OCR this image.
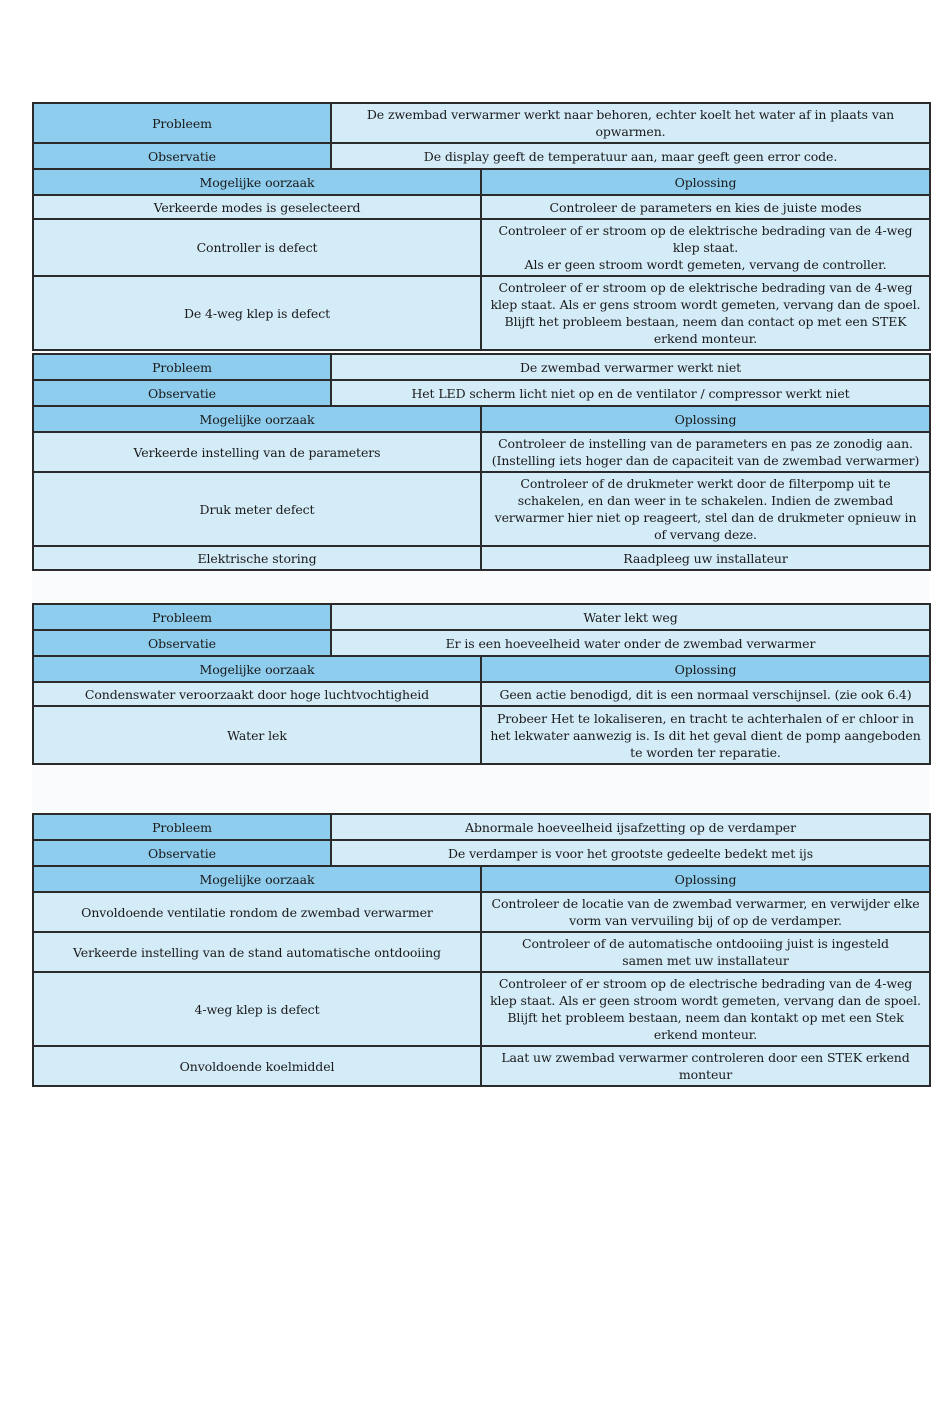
Probleem	De zwembad verwarmer werkt naar behoren, echter koelt het water af in plaats van opwarmen.	
Observatie	De display geeft de temperatuur aan, maar geeft geen error code.	
Mogelijke oorzaak		Oplossing
Verkeerde modes is geselecteerd		Controleer de parameters en kies de juiste modes
Controller is defect		Controleer of er stroom op de elektrische bedrading van de 4-weg klep staat.
Als er geen stroom wordt gemeten, vervang de controller.
De 4-weg klep is defect		Controleer of er stroom op de elektrische bedrading van de 4-weg klep staat. Als er gens stroom wordt gemeten, vervang dan de spoel. Blijft het probleem bestaan, neem dan contact op met een STEK erkend monteur.
Probleem	De zwembad verwarmer werkt niet	
Observatie	Het LED scherm licht niet op en de ventilator / compressor werkt niet	
Mogelijke oorzaak		Oplossing
Verkeerde instelling van de parameters		Controleer de instelling van de parameters en pas ze zonodig aan.
(Instelling iets hoger dan de capaciteit van de zwembad verwarmer)
Druk meter defect		Controleer of de drukmeter werkt door de filterpomp uit te schakelen, en dan weer in te schakelen. Indien de zwembad verwarmer hier niet op reageert, stel dan de drukmeter opnieuw in of vervang deze.
Elektrische storing		Raadpleeg uw installateur
Probleem	Water lekt weg	
Observatie	Er is een hoeveelheid water onder de zwembad verwarmer	
Mogelijke oorzaak		Oplossing
Condenswater veroorzaakt door hoge luchtvochtigheid		Geen actie benodigd, dit is een normaal verschijnsel. (zie ook 6.4)
Water lek		Probeer Het te lokaliseren, en tracht te achterhalen of er chloor in het lekwater aanwezig is. Is dit het geval dient de pomp aangeboden te worden ter reparatie.
Probleem	Abnormale hoeveelheid ijsafzetting op de verdamper	
Observatie	De verdamper is voor het grootste gedeelte bedekt met ijs	
Mogelijke oorzaak		Oplossing
Onvoldoende ventilatie rondom de zwembad verwarmer		Controleer de locatie van de zwembad verwarmer, en verwijder elke vorm van vervuiling bij of op de verdamper.
Verkeerde instelling van de stand automatische ontdooiing		Controleer of de automatische ontdooiing juist is ingesteld
samen met uw installateur
4-weg klep is defect		Controleer of er stroom op de electrische bedrading van de 4-weg klep staat. Als er geen stroom wordt gemeten, vervang dan de spoel. Blijft het probleem bestaan, neem dan kontakt op met een Stek erkend monteur.
Onvoldoende koelmiddel		Laat uw zwembad verwarmer controleren door een STEK erkend monteur
